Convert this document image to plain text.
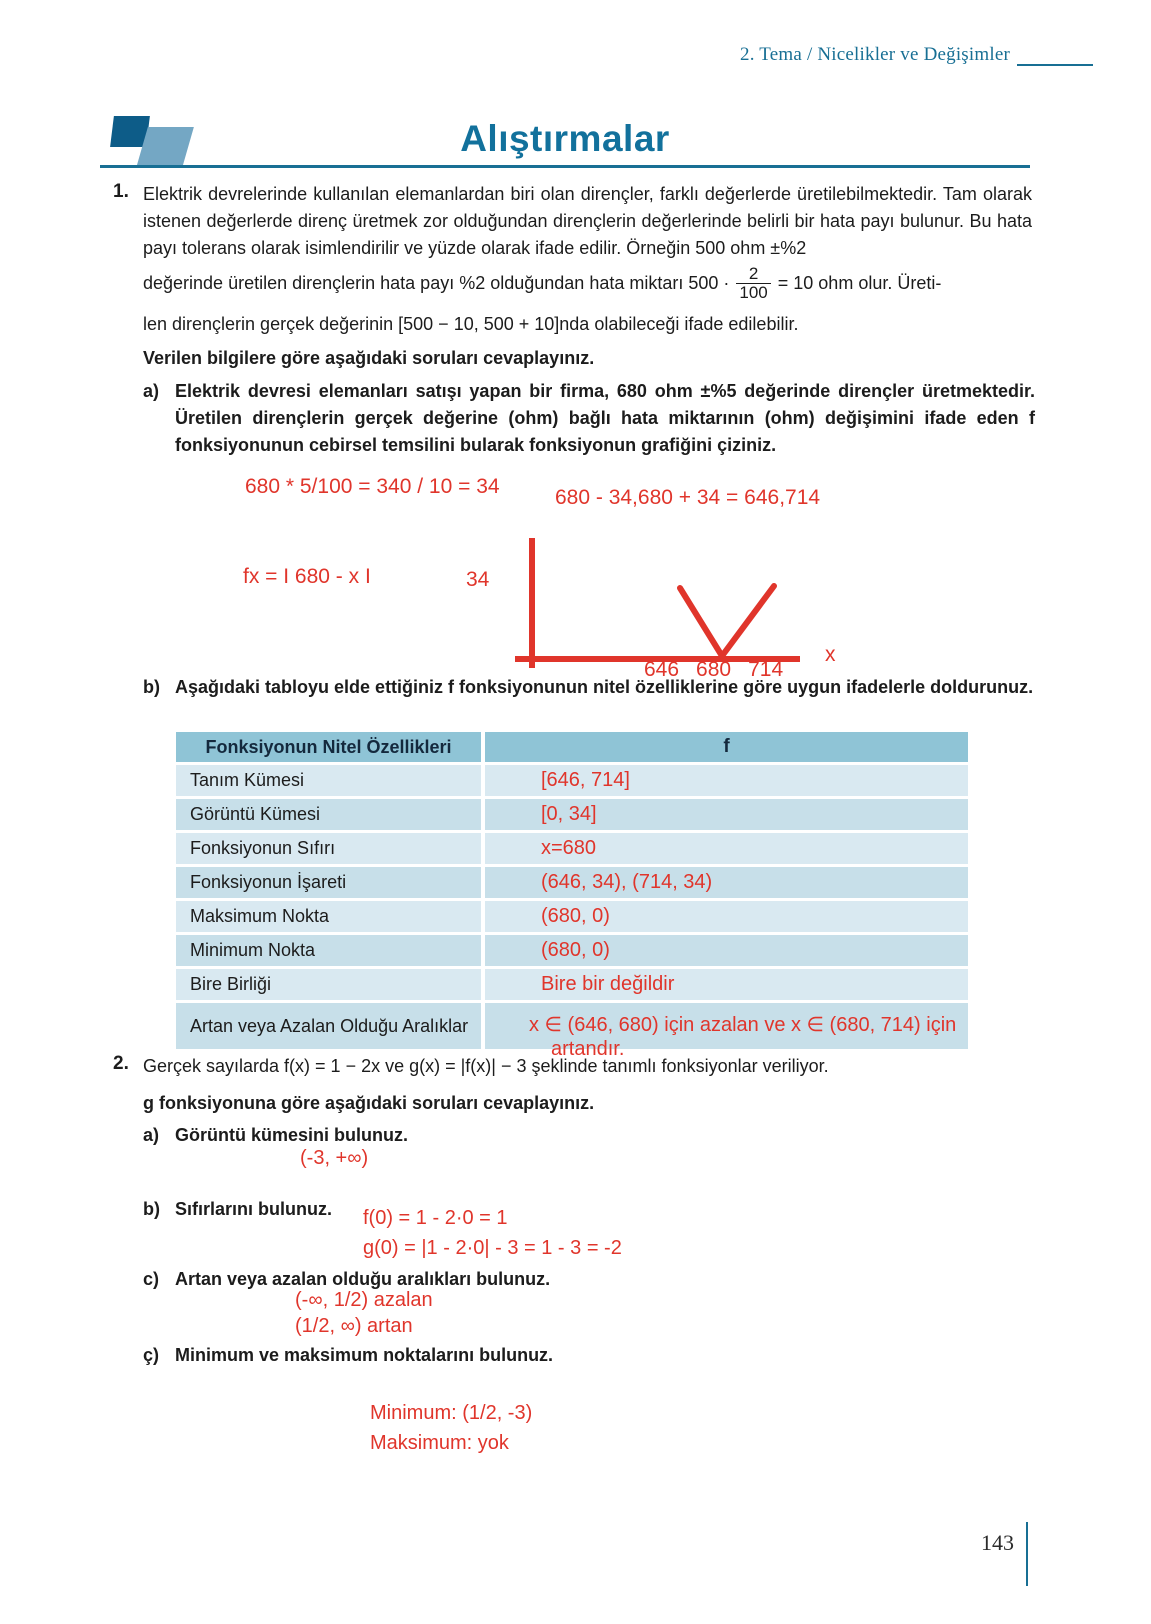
2. Tema / Nicelikler ve Değişimler
Alıştırmalar
1. Elektrik devrelerinde kullanılan elemanlardan biri olan dirençler, farklı değerlerde üretilebilmektedir. Tam olarak istenen değerlerde direnç üretmek zor olduğundan dirençlerin değerlerinde belirli bir hata payı bulunur. Bu hata payı tolerans olarak isimlendirilir ve yüzde olarak ifade edilir. Örneğin 500 ohm ±%2
değerinde üretilen dirençlerin hata payı %2 olduğundan hata miktarı $500 \cdot \frac{2}{100} = 10$ ohm olur. Üreti-
len dirençlerin gerçek değerinin [500 − 10, 500 + 10]nda olabileceği ifade edilebilir.
Verilen bilgilere göre aşağıdaki soruları cevaplayınız.
a) Elektrik devresi elemanları satışı yapan bir firma, 680 ohm ±%5 değerinde dirençler üretmektedir. Üretilen dirençlerin gerçek değerine (ohm) bağlı hata miktarının (ohm) değişimini ifade eden f fonksiyonunun cebirsel temsilini bularak fonksiyonun grafiğini çiziniz.
680 * 5/100 = 340 / 10 = 34	680 - 34,680 + 34 = 646,714
fx = I 680 - x I	34
646 680 714
x
b) Aşağıdaki tabloyu elde ettiğiniz f fonksiyonunun nitel özelliklerine göre uygun ifadelerle doldurunuz.
Fonksiyonun Nitel Özellikleri	f
Tanım Kümesi	[646, 714]
Görüntü Kümesi	[0, 34]
Fonksiyonun Sıfırı	x=680
Fonksiyonun İşareti	(646, 34), (714, 34)
Maksimum Nokta	(680, 0)
Minimum Nokta	(680, 0)
Bire Birliği	Bire bir değildir
Artan veya Azalan Olduğu Aralıklar	x ∈ (646, 680) için azalan ve x ∈ (680, 714) için
artandır.
2. Gerçek sayılarda f(x) = 1 − 2x ve g(x) = |f(x)| − 3 şeklinde tanımlı fonksiyonlar veriliyor.
g fonksiyonuna göre aşağıdaki soruları cevaplayınız.
a) Görüntü kümesini bulunuz.
(-3, +∞)
b) Sıfırlarını bulunuz. f(0) = 1 - 2·0 = 1
g(0) = |1 - 2·0| - 3 = 1 - 3 = -2
c) Artan veya azalan olduğu aralıkları bulunuz.
(-∞, 1/2) azalan
(1/2, ∞) artan
ç) Minimum ve maksimum noktalarını bulunuz.
Minimum: (1/2, -3)
Maksimum: yok
143
